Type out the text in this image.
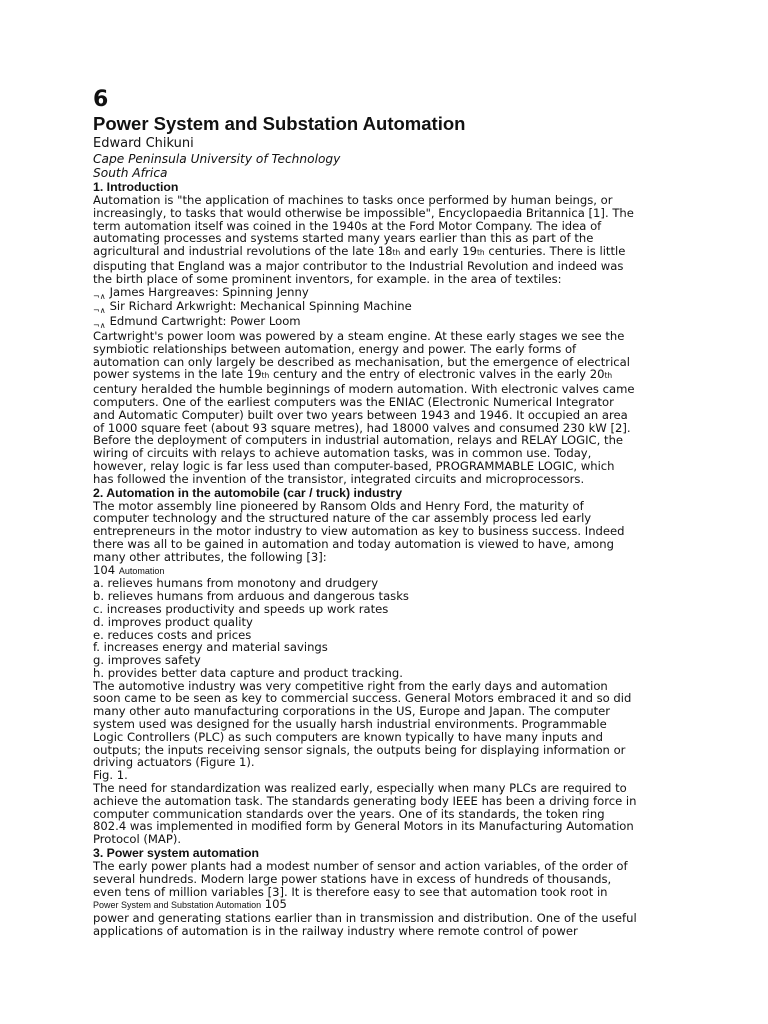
6

Power System and Substation Automation

Edward Chikuni

Cape Peninsula University of Technology

South Africa

1. Introduction

Automation is "the application of machines to tasks once performed by human beings, or increasingly, to tasks that would otherwise be impossible", Encyclopaedia Britannica [1]. The term automation itself was coined in the 1940s at the Ford Motor Company. The idea of automating processes and systems started many years earlier than this as part of the agricultural and industrial revolutions of the late 18th and early 19th centuries. There is little disputing that England was a major contributor to the Industrial Revolution and indeed was the birth place of some prominent inventors, for example. in the area of textiles:

$_{\neg\wedge}$ James Hargreaves: Spinning Jenny

$_{\neg\wedge}$ Sir Richard Arkwright: Mechanical Spinning Machine

$_{\neg\wedge}$ Edmund Cartwright: Power Loom

Cartwright's power loom was powered by a steam engine. At these early stages we see the symbiotic relationships between automation, energy and power. The early forms of automation can only largely be described as mechanisation, but the emergence of electrical power systems in the late 19th century and the entry of electronic valves in the early 20th century heralded the humble beginnings of modern automation. With electronic valves came computers. One of the earliest computers was the ENIAC (Electronic Numerical Integrator and Automatic Computer) built over two years between 1943 and 1946. It occupied an area of 1000 square feet (about 93 square metres), had 18000 valves and consumed 230 kW [2].

Before the deployment of computers in industrial automation, relays and RELAY LOGIC, the wiring of circuits with relays to achieve automation tasks, was in common use. Today, however, relay logic is far less used than computer-based, PROGRAMMABLE LOGIC, which has followed the invention of the transistor, integrated circuits and microprocessors.

2. Automation in the automobile (car / truck) industry

The motor assembly line pioneered by Ransom Olds and Henry Ford, the maturity of computer technology and the structured nature of the car assembly process led early entrepreneurs in the motor industry to view automation as key to business success. Indeed there was all to be gained in automation and today automation is viewed to have, among many other attributes, the following [3]:

104 Automation

a. relieves humans from monotony and drudgery

b. relieves humans from arduous and dangerous tasks

c. increases productivity and speeds up work rates

d. improves product quality

e. reduces costs and prices

f. increases energy and material savings

g. improves safety

h. provides better data capture and product tracking.

The automotive industry was very competitive right from the early days and automation soon came to be seen as key to commercial success. General Motors embraced it and so did many other auto manufacturing corporations in the US, Europe and Japan. The computer system used was designed for the usually harsh industrial environments. Programmable Logic Controllers (PLC) as such computers are known typically to have many inputs and outputs; the inputs receiving sensor signals, the outputs being for displaying information or driving actuators (Figure 1).

Fig. 1.

The need for standardization was realized early, especially when many PLCs are required to achieve the automation task. The standards generating body IEEE has been a driving force in computer communication standards over the years. One of its standards, the token ring 802.4 was implemented in modified form by General Motors in its Manufacturing Automation Protocol (MAP).

3. Power system automation

The early power plants had a modest number of sensor and action variables, of the order of several hundreds. Modern large power stations have in excess of hundreds of thousands, even tens of million variables [3]. It is therefore easy to see that automation took root in

Power System and Substation Automation 105

power and generating stations earlier than in transmission and distribution. One of the useful applications of automation is in the railway industry where remote control of power
